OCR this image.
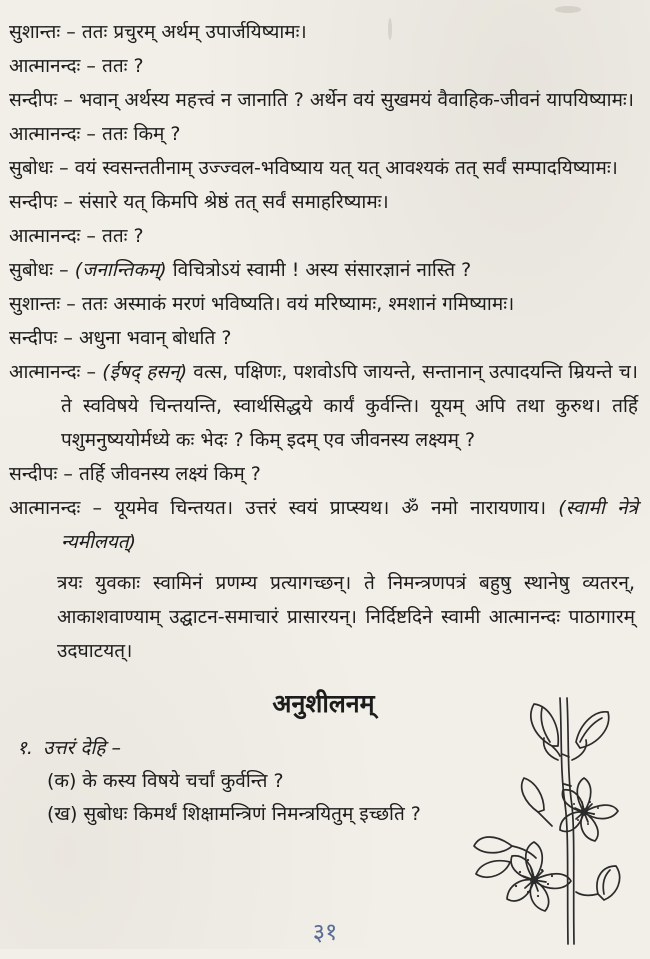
सुशान्तः – ततः प्रचुरम् अर्थम् उपार्जयिष्यामः।
आत्मानन्दः – ततः ?
सन्दीपः – भवान् अर्थस्य महत्त्वं न जानाति ? अर्थेन वयं सुखमयं वैवाहिक-जीवनं यापयिष्यामः।
आत्मानन्दः – ततः किम् ?
सुबोधः – वयं स्वसन्ततीनाम् उज्ज्वल-भविष्याय यत् यत् आवश्यकं तत् सर्वं सम्पादयिष्यामः।
सन्दीपः – संसारे यत् किमपि श्रेष्ठं तत् सर्वं समाहरिष्यामः।
आत्मानन्दः – ततः ?
सुबोधः – (जनान्तिकम्) विचित्रोऽयं स्वामी ! अस्य संसारज्ञानं नास्ति ?
सुशान्तः – ततः अस्माकं मरणं भविष्यति। वयं मरिष्यामः, श्मशानं गमिष्यामः।
सन्दीपः – अधुना भवान् बोधति ?
आत्मानन्दः – (ईषद् हसन्) वत्स, पक्षिणः, पशवोऽपि जायन्ते, सन्तानान् उत्पादयन्ति म्रियन्ते च। ते स्वविषये चिन्तयन्ति, स्वार्थसिद्धये कार्यं कुर्वन्ति। यूयम् अपि तथा कुरुथ। तर्हि पशुमनुष्ययोर्मध्ये कः भेदः ? किम् इदम् एव जीवनस्य लक्ष्यम् ?
सन्दीपः – तर्हि जीवनस्य लक्ष्यं किम् ?
आत्मानन्दः – यूयमेव चिन्तयत। उत्तरं स्वयं प्राप्स्यथ। ॐ नमो नारायणाय। (स्वामी नेत्रे न्यमीलयत्)

त्रयः युवकाः स्वामिनं प्रणम्य प्रत्यागच्छन्। ते निमन्त्रणपत्रं बहुषु स्थानेषु व्यतरन्, आकाशवाण्याम् उद्घाटन-समाचारं प्रासारयन्। निर्दिष्टदिने स्वामी आत्मानन्दः पाठागारम् उदघाटयत्।

अनुशीलनम्
१. उत्तरं देहि –
(क) के कस्य विषये चर्चां कुर्वन्ति ?
(ख) सुबोधः किमर्थं शिक्षामन्त्रिणं निमन्त्रयितुम् इच्छति ?
३१
